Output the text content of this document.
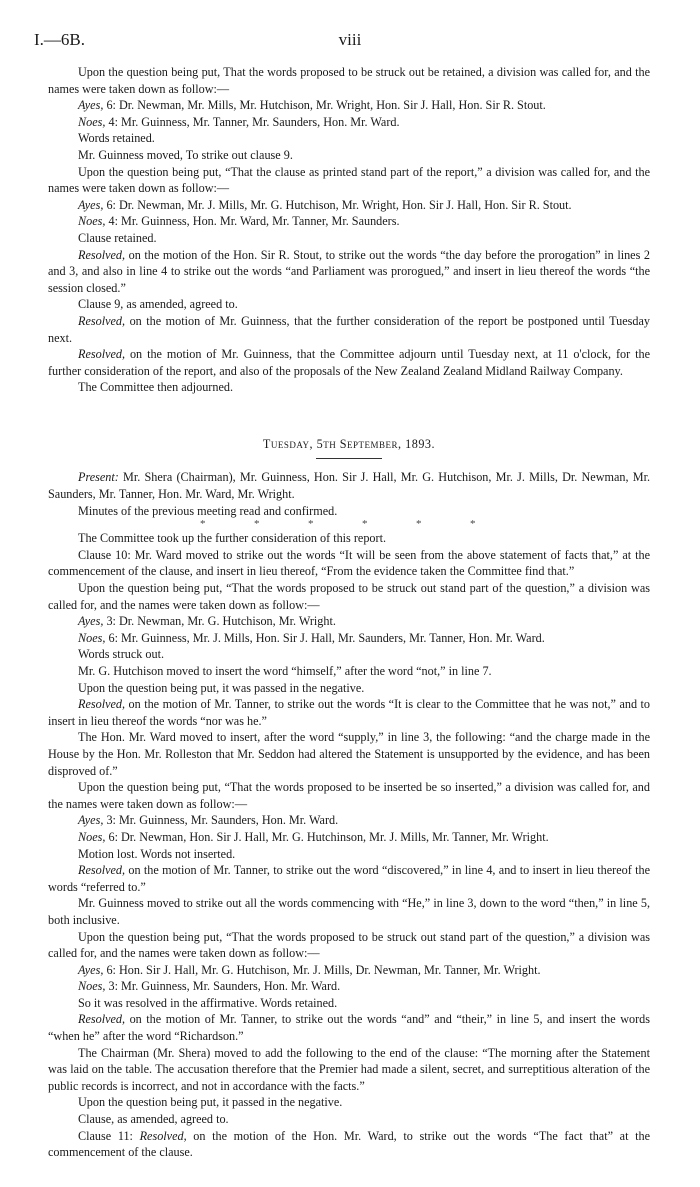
I.—6B.	viii

Upon the question being put, That the words proposed to be struck out be retained, a division was called for, and the names were taken down as follow:—

Ayes, 6: Dr. Newman, Mr. Mills, Mr. Hutchison, Mr. Wright, Hon. Sir J. Hall, Hon. Sir R. Stout.

Noes, 4: Mr. Guinness, Mr. Tanner, Mr. Saunders, Hon. Mr. Ward.

Words retained.

Mr. Guinness moved, To strike out clause 9.

Upon the question being put, “That the clause as printed stand part of the report,” a division was called for, and the names were taken down as follow:—

Ayes, 6: Dr. Newman, Mr. J. Mills, Mr. G. Hutchison, Mr. Wright, Hon. Sir J. Hall, Hon. Sir R. Stout.

Noes, 4: Mr. Guinness, Hon. Mr. Ward, Mr. Tanner, Mr. Saunders.

Clause retained.

Resolved, on the motion of the Hon. Sir R. Stout, to strike out the words “the day before the prorogation” in lines 2 and 3, and also in line 4 to strike out the words “and Parliament was prorogued,” and insert in lieu thereof the words “the session closed.”

Clause 9, as amended, agreed to.

Resolved, on the motion of Mr. Guinness, that the further consideration of the report be postponed until Tuesday next.

Resolved, on the motion of Mr. Guinness, that the Committee adjourn until Tuesday next, at 11 o'clock, for the further consideration of the report, and also of the proposals of the New Zealand Zealand Midland Railway Company.

The Committee then adjourned.

Tuesday, 5th September, 1893.

Present: Mr. Shera (Chairman), Mr. Guinness, Hon. Sir J. Hall, Mr. G. Hutchison, Mr. J. Mills, Dr. Newman, Mr. Saunders, Mr. Tanner, Hon. Mr. Ward, Mr. Wright.

Minutes of the previous meeting read and confirmed.

*	*	*	*	*	*

The Committee took up the further consideration of this report.

Clause 10: Mr. Ward moved to strike out the words “It will be seen from the above statement of facts that,” at the commencement of the clause, and insert in lieu thereof, “From the evidence taken the Committee find that.”

Upon the question being put, “That the words proposed to be struck out stand part of the question,” a division was called for, and the names were taken down as follow:—

Ayes, 3: Dr. Newman, Mr. G. Hutchison, Mr. Wright.

Noes, 6: Mr. Guinness, Mr. J. Mills, Hon. Sir J. Hall, Mr. Saunders, Mr. Tanner, Hon. Mr. Ward.

Words struck out.

Mr. G. Hutchison moved to insert the word “himself,” after the word “not,” in line 7.

Upon the question being put, it was passed in the negative.

Resolved, on the motion of Mr. Tanner, to strike out the words “It is clear to the Committee that he was not,” and to insert in lieu thereof the words “nor was he.”

The Hon. Mr. Ward moved to insert, after the word “supply,” in line 3, the following: “and the charge made in the House by the Hon. Mr. Rolleston that Mr. Seddon had altered the Statement is unsupported by the evidence, and has been disproved of.”

Upon the question being put, “That the words proposed to be inserted be so inserted,” a division was called for, and the names were taken down as follow:—

Ayes, 3: Mr. Guinness, Mr. Saunders, Hon. Mr. Ward.

Noes, 6: Dr. Newman, Hon. Sir J. Hall, Mr. G. Hutchinson, Mr. J. Mills, Mr. Tanner, Mr. Wright.

Motion lost. Words not inserted.

Resolved, on the motion of Mr. Tanner, to strike out the word “discovered,” in line 4, and to insert in lieu thereof the words “referred to.”

Mr. Guinness moved to strike out all the words commencing with “He,” in line 3, down to the word “then,” in line 5, both inclusive.

Upon the question being put, “That the words proposed to be struck out stand part of the question,” a division was called for, and the names were taken down as follow:—

Ayes, 6: Hon. Sir J. Hall, Mr. G. Hutchison, Mr. J. Mills, Dr. Newman, Mr. Tanner, Mr. Wright.

Noes, 3: Mr. Guinness, Mr. Saunders, Hon. Mr. Ward.

So it was resolved in the affirmative. Words retained.

Resolved, on the motion of Mr. Tanner, to strike out the words “and” and “their,” in line 5, and insert the words “when he” after the word “Richardson.”

The Chairman (Mr. Shera) moved to add the following to the end of the clause: “The morning after the Statement was laid on the table. The accusation therefore that the Premier had made a silent, secret, and surreptitious alteration of the public records is incorrect, and not in accordance with the facts.”

Upon the question being put, it passed in the negative.

Clause, as amended, agreed to.

Clause 11: Resolved, on the motion of the Hon. Mr. Ward, to strike out the words “The fact that” at the commencement of the clause.
